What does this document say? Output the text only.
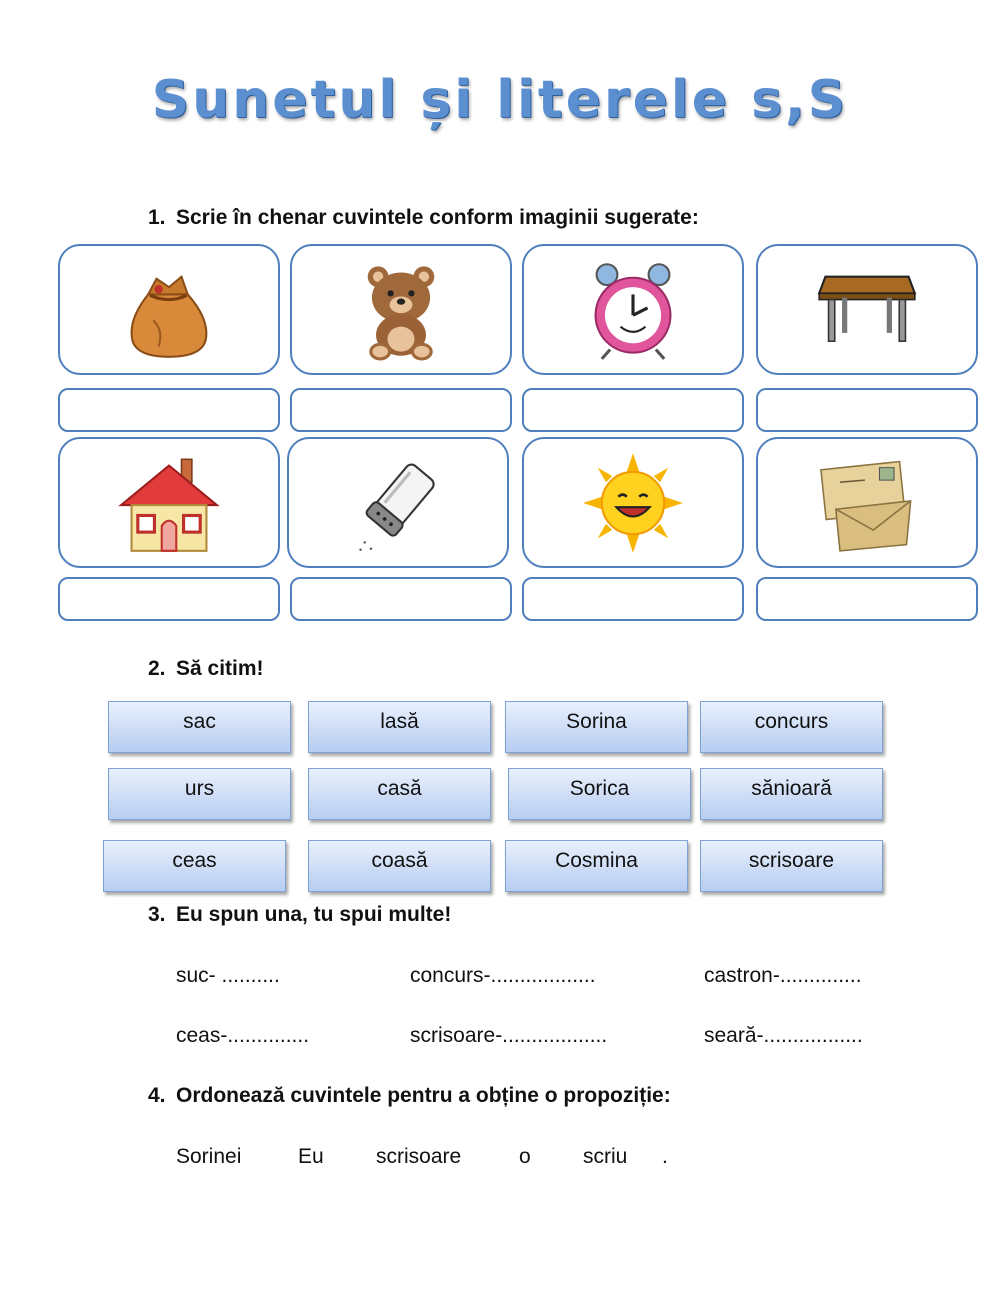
Sunetul și literele s,S
1. Scrie în chenar cuvintele conform imaginii sugerate:
2. Să citim!
sac	lasă	Sorina	concurs
urs	casă	Sorica	sănioară
ceas	coasă	Cosmina	scrisoare
3. Eu spun una, tu spui multe!
suc- ..........	concurs-..................	castron-..............
ceas-..............	scrisoare-..................	seară-.................
4. Ordonează cuvintele pentru a obține o propoziție:
Sorinei	Eu scrisoare	o scriu .
